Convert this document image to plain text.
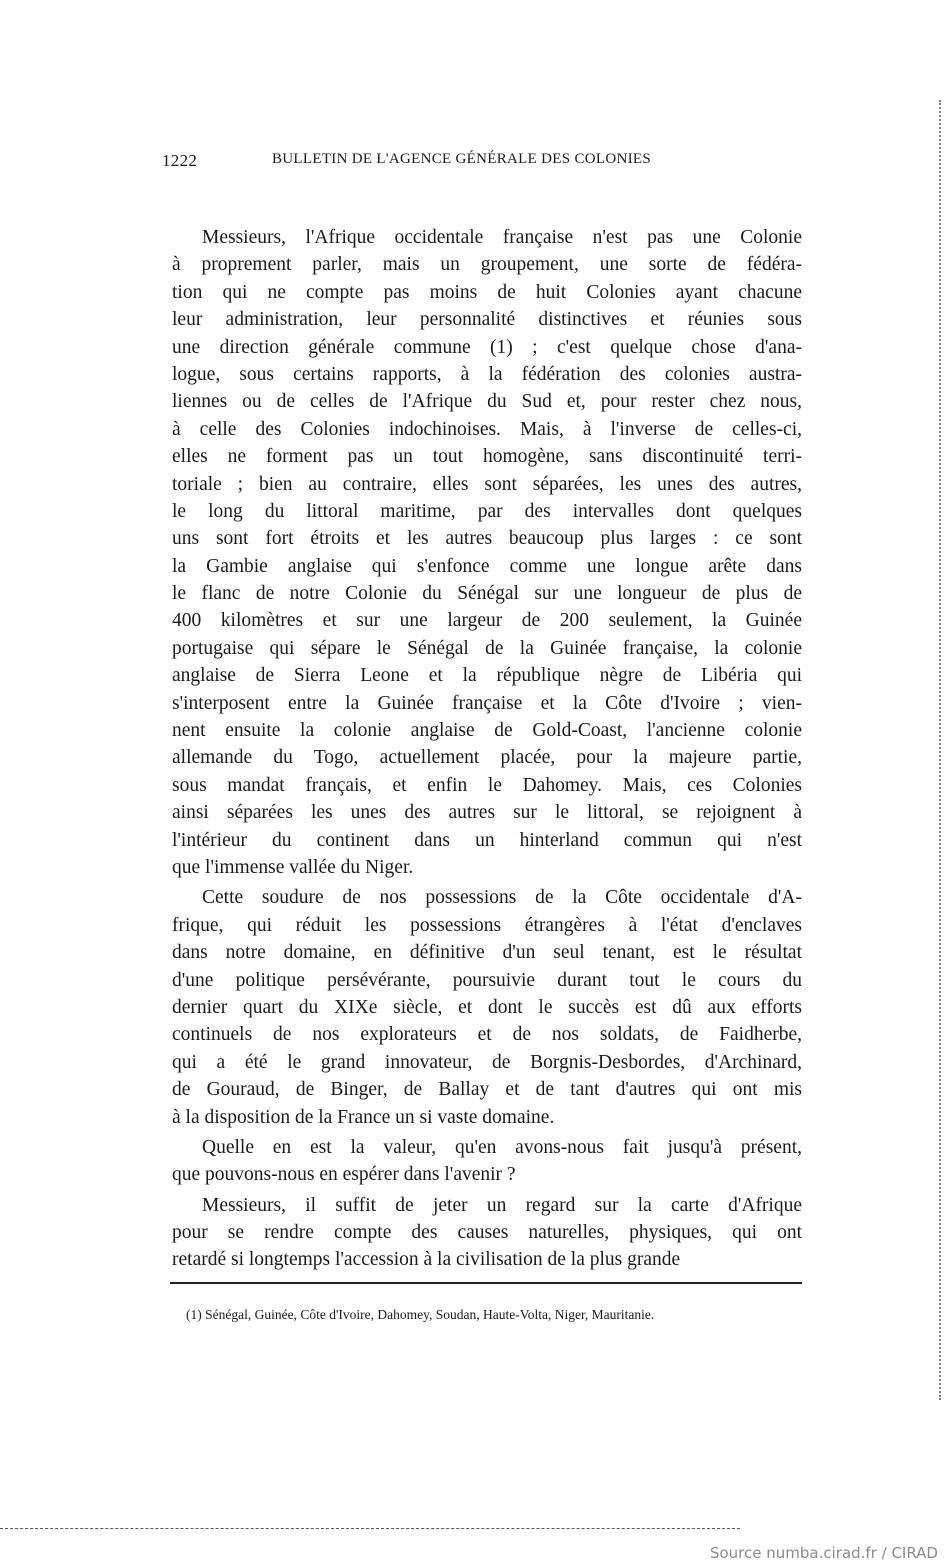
1222	BULLETIN DE L'AGENCE GÉNÉRALE DES COLONIES
Messieurs, l'Afrique occidentale française n'est pas une Colonie
à proprement parler, mais un groupement, une sorte de fédéra-
tion qui ne compte pas moins de huit Colonies ayant chacune
leur administration, leur personnalité distinctives et réunies sous
une direction générale commune (1) ; c'est quelque chose d'ana-
logue, sous certains rapports, à la fédération des colonies austra-
liennes ou de celles de l'Afrique du Sud et, pour rester chez nous,
à celle des Colonies indochinoises. Mais, à l'inverse de celles-ci,
elles ne forment pas un tout homogène, sans discontinuité terri-
toriale ; bien au contraire, elles sont séparées, les unes des autres,
le long du littoral maritime, par des intervalles dont quelques
uns sont fort étroits et les autres beaucoup plus larges : ce sont
la Gambie anglaise qui s'enfonce comme une longue arête dans
le flanc de notre Colonie du Sénégal sur une longueur de plus de
400 kilomètres et sur une largeur de 200 seulement, la Guinée
portugaise qui sépare le Sénégal de la Guinée française, la colonie
anglaise de Sierra Leone et la république nègre de Libéria qui
s'interposent entre la Guinée française et la Côte d'Ivoire ; vien-
nent ensuite la colonie anglaise de Gold-Coast, l'ancienne colonie
allemande du Togo, actuellement placée, pour la majeure partie,
sous mandat français, et enfin le Dahomey. Mais, ces Colonies
ainsi séparées les unes des autres sur le littoral, se rejoignent à
l'intérieur du continent dans un hinterland commun qui n'est
que l'immense vallée du Niger.
Cette soudure de nos possessions de la Côte occidentale d'A-
frique, qui réduit les possessions étrangères à l'état d'enclaves
dans notre domaine, en définitive d'un seul tenant, est le résultat
d'une politique persévérante, poursuivie durant tout le cours du
dernier quart du XIXe siècle, et dont le succès est dû aux efforts
continuels de nos explorateurs et de nos soldats, de Faidherbe,
qui a été le grand innovateur, de Borgnis-Desbordes, d'Archinard,
de Gouraud, de Binger, de Ballay et de tant d'autres qui ont mis
à la disposition de la France un si vaste domaine.
Quelle en est la valeur, qu'en avons-nous fait jusqu'à présent,
que pouvons-nous en espérer dans l'avenir ?
Messieurs, il suffit de jeter un regard sur la carte d'Afrique
pour se rendre compte des causes naturelles, physiques, qui ont
retardé si longtemps l'accession à la civilisation de la plus grande
(1) Sénégal, Guinée, Côte d'Ivoire, Dahomey, Soudan, Haute-Volta, Niger, Mauritanie.
Source numba.cirad.fr / CIRAD
